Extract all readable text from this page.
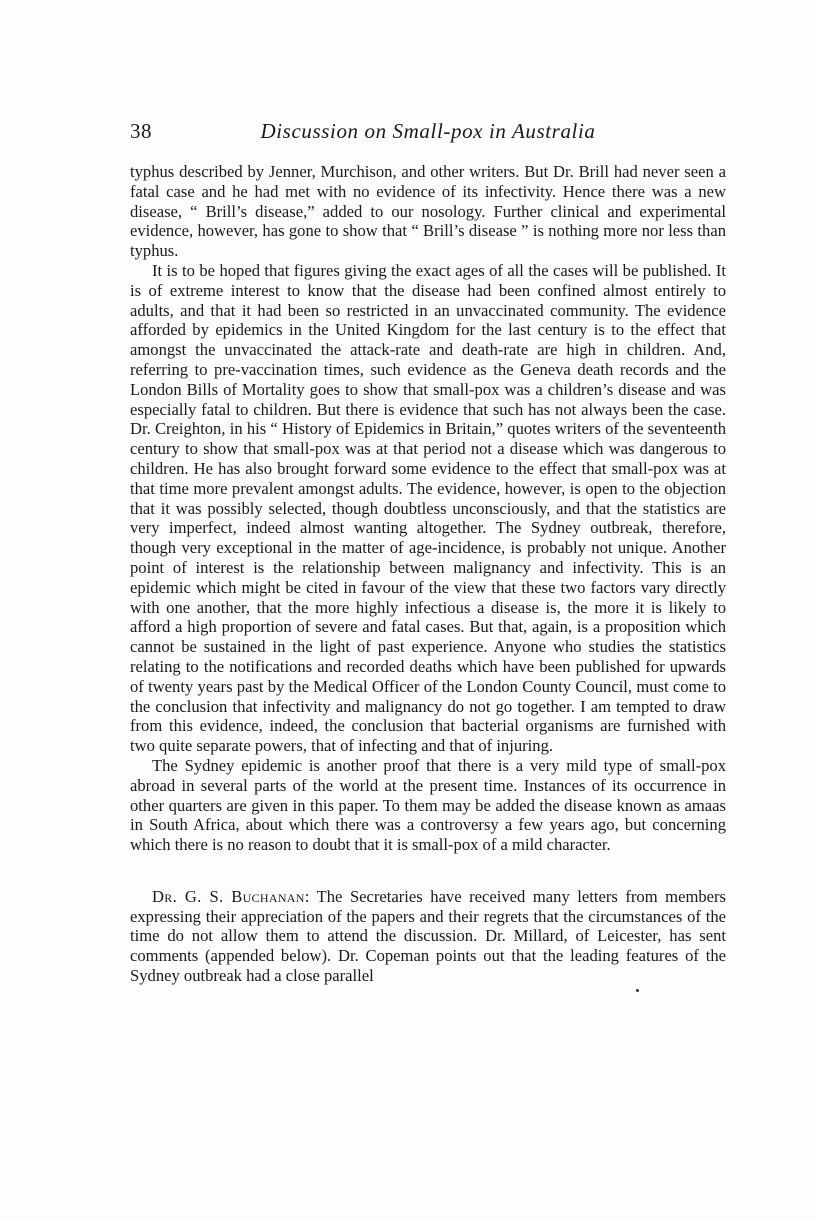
38	Discussion on Small-pox in Australia

typhus described by Jenner, Murchison, and other writers. But Dr. Brill had never seen a fatal case and he had met with no evidence of its infectivity. Hence there was a new disease, “ Brill’s disease,” added to our nosology. Further clinical and experimental evidence, however, has gone to show that “ Brill’s disease ” is nothing more nor less than typhus.

It is to be hoped that figures giving the exact ages of all the cases will be published. It is of extreme interest to know that the disease had been confined almost entirely to adults, and that it had been so restricted in an unvaccinated community. The evidence afforded by epidemics in the United Kingdom for the last century is to the effect that amongst the unvaccinated the attack-rate and death-rate are high in children. And, referring to pre-vaccination times, such evidence as the Geneva death records and the London Bills of Mortality goes to show that small-pox was a children’s disease and was especially fatal to children. But there is evidence that such has not always been the case. Dr. Creighton, in his “ History of Epidemics in Britain,” quotes writers of the seventeenth century to show that small-pox was at that period not a disease which was dangerous to children. He has also brought forward some evidence to the effect that small-pox was at that time more prevalent amongst adults. The evidence, however, is open to the objection that it was possibly selected, though doubtless unconsciously, and that the statistics are very imperfect, indeed almost wanting altogether. The Sydney outbreak, therefore, though very exceptional in the matter of age-incidence, is probably not unique. Another point of interest is the relationship between malignancy and infectivity. This is an epidemic which might be cited in favour of the view that these two factors vary directly with one another, that the more highly infectious a disease is, the more it is likely to afford a high proportion of severe and fatal cases. But that, again, is a proposition which cannot be sustained in the light of past experience. Anyone who studies the statistics relating to the notifications and recorded deaths which have been published for upwards of twenty years past by the Medical Officer of the London County Council, must come to the conclusion that infectivity and malignancy do not go together. I am tempted to draw from this evidence, indeed, the conclusion that bacterial organisms are furnished with two quite separate powers, that of infecting and that of injuring.

The Sydney epidemic is another proof that there is a very mild type of small-pox abroad in several parts of the world at the present time. Instances of its occurrence in other quarters are given in this paper. To them may be added the disease known as amaas in South Africa, about which there was a controversy a few years ago, but concerning which there is no reason to doubt that it is small-pox of a mild character.

Dr. G. S. Buchanan: The Secretaries have received many letters from members expressing their appreciation of the papers and their regrets that the circumstances of the time do not allow them to attend the discussion. Dr. Millard, of Leicester, has sent comments (appended below). Dr. Copeman points out that the leading features of the Sydney outbreak had a close parallel
